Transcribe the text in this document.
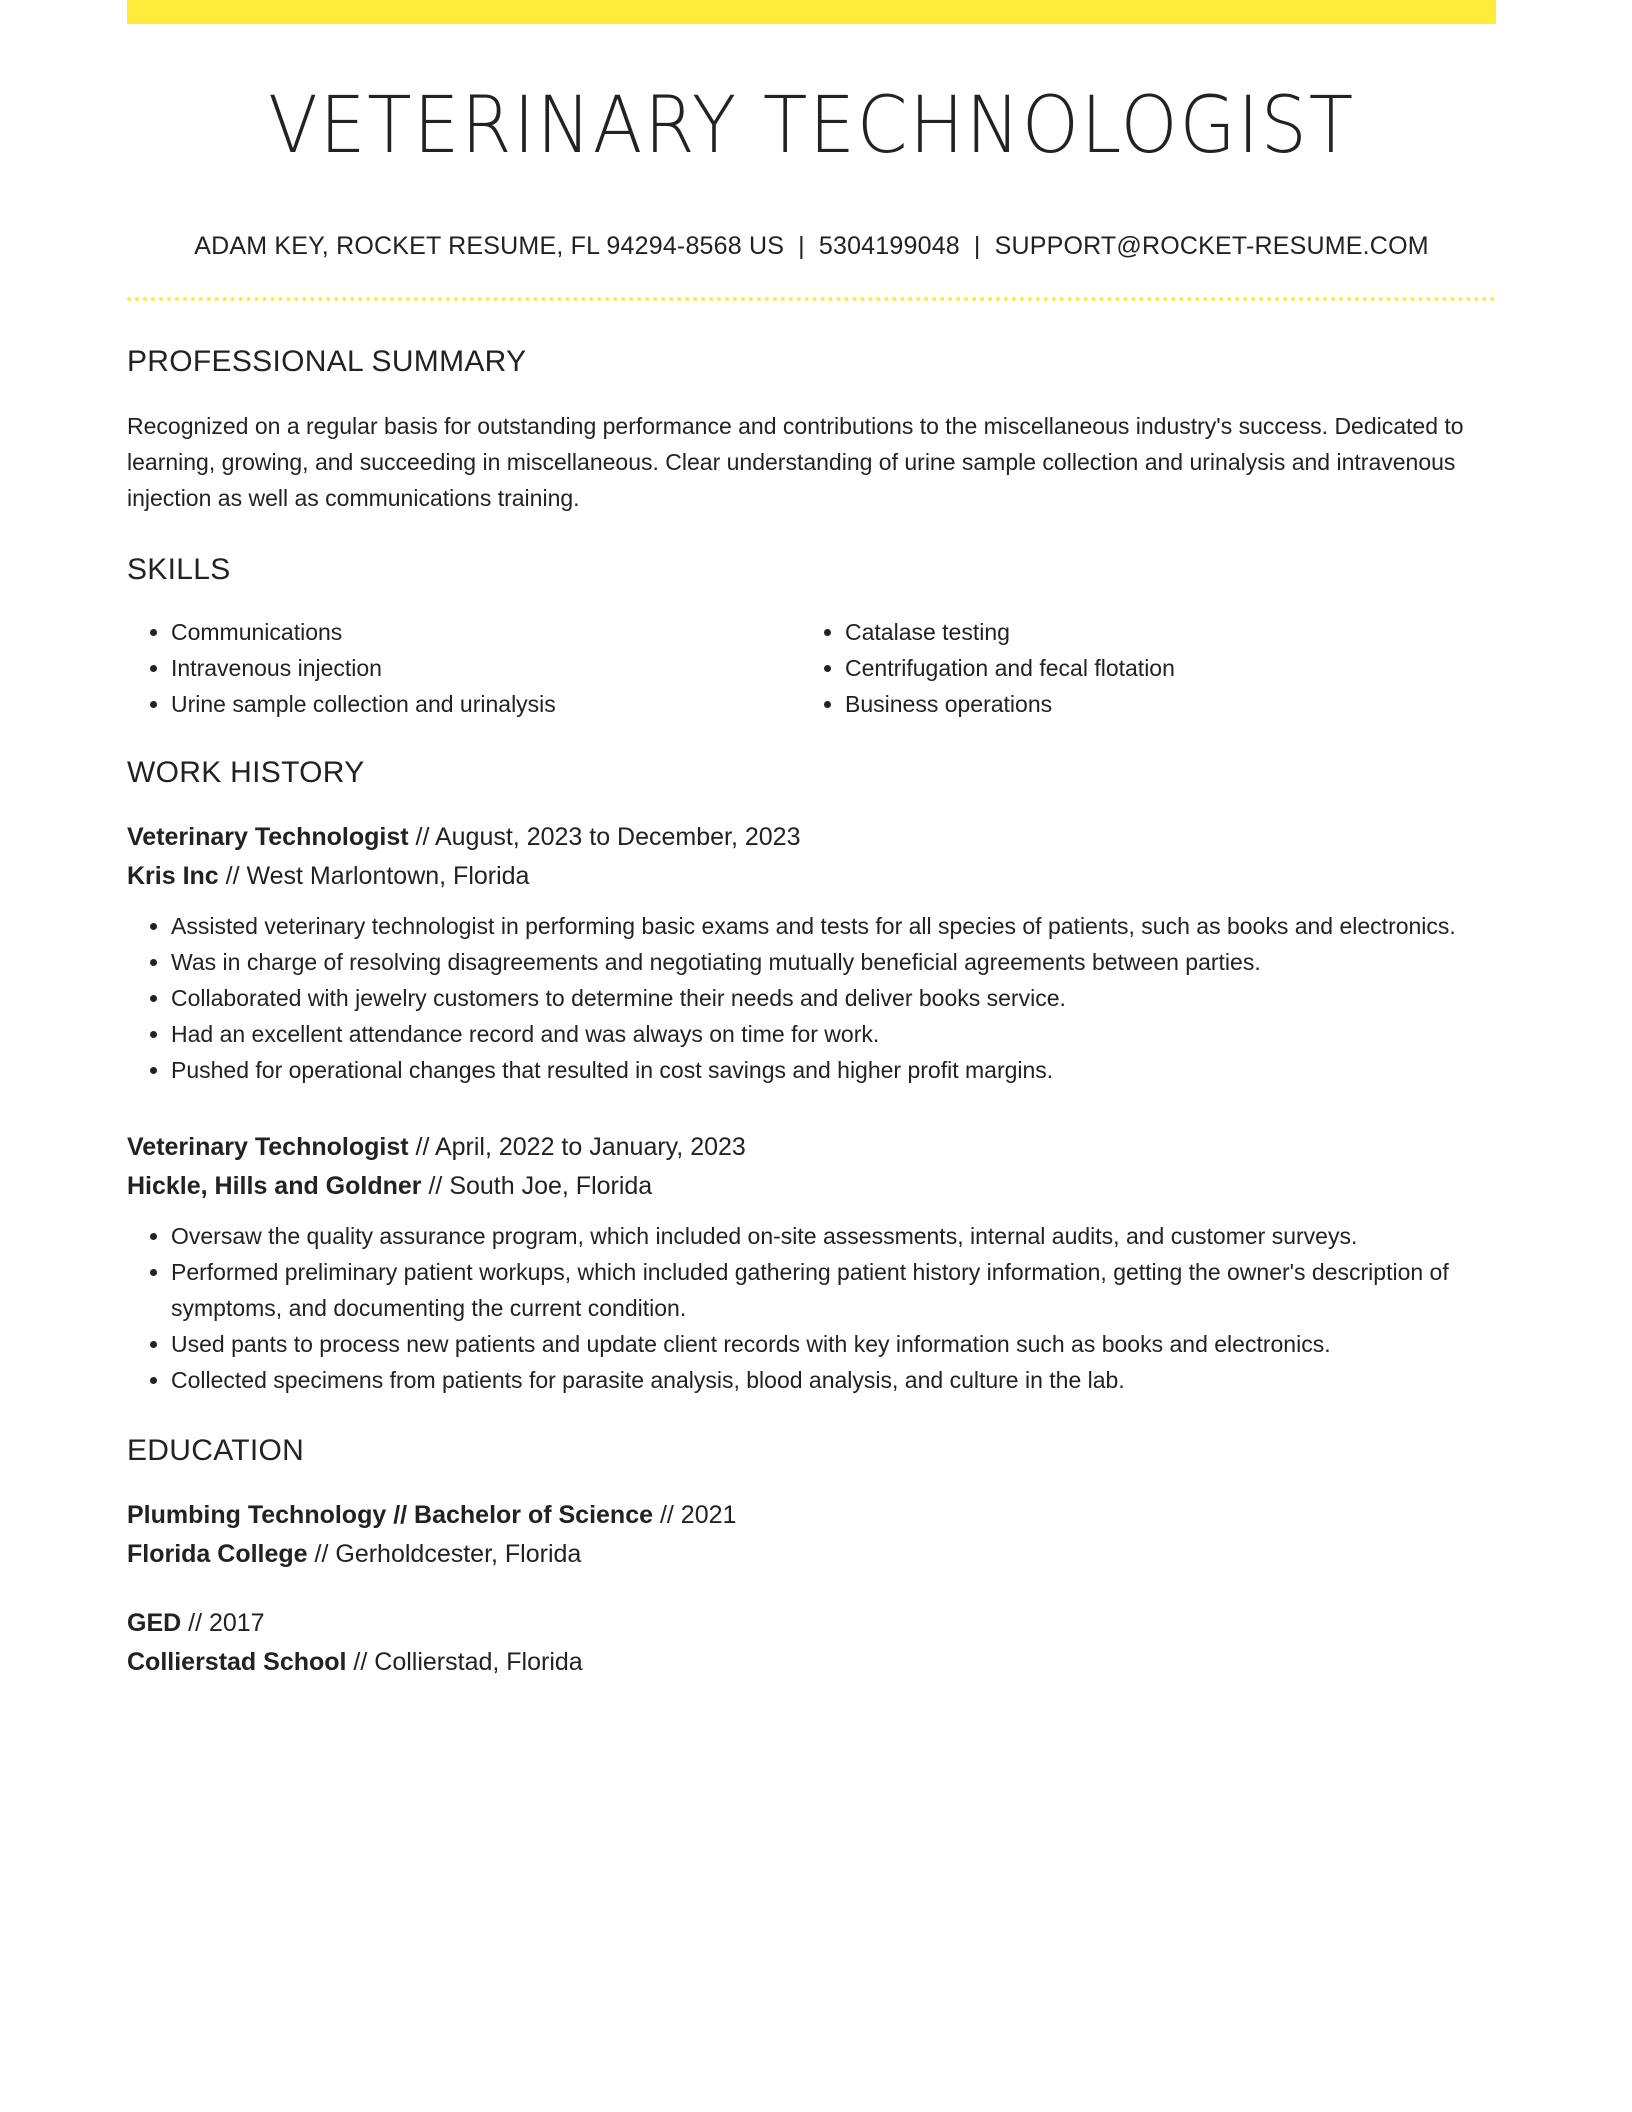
VETERINARY TECHNOLOGIST
ADAM KEY, ROCKET RESUME, FL 94294-8568 US | 5304199048 | SUPPORT@ROCKET-RESUME.COM
PROFESSIONAL SUMMARY

Recognized on a regular basis for outstanding performance and contributions to the miscellaneous industry's success. Dedicated to learning, growing, and succeeding in miscellaneous. Clear understanding of urine sample collection and urinalysis and intravenous injection as well as communications training.

SKILLS
• Communications
• Intravenous injection
• Urine sample collection and urinalysis
• Catalase testing
• Centrifugation and fecal flotation
• Business operations
WORK HISTORY
Veterinary Technologist // August, 2023 to December, 2023
Kris Inc // West Marlontown, Florida
• Assisted veterinary technologist in performing basic exams and tests for all species of patients, such as books and electronics.
• Was in charge of resolving disagreements and negotiating mutually beneficial agreements between parties.
• Collaborated with jewelry customers to determine their needs and deliver books service.
• Had an excellent attendance record and was always on time for work.
• Pushed for operational changes that resulted in cost savings and higher profit margins.
Veterinary Technologist // April, 2022 to January, 2023
Hickle, Hills and Goldner // South Joe, Florida
• Oversaw the quality assurance program, which included on-site assessments, internal audits, and customer surveys.
• Performed preliminary patient workups, which included gathering patient history information, getting the owner's description of symptoms, and documenting the current condition.
• Used pants to process new patients and update client records with key information such as books and electronics.
• Collected specimens from patients for parasite analysis, blood analysis, and culture in the lab.
EDUCATION
Plumbing Technology // Bachelor of Science // 2021
Florida College // Gerholdcester, Florida
GED // 2017
Collierstad School // Collierstad, Florida
